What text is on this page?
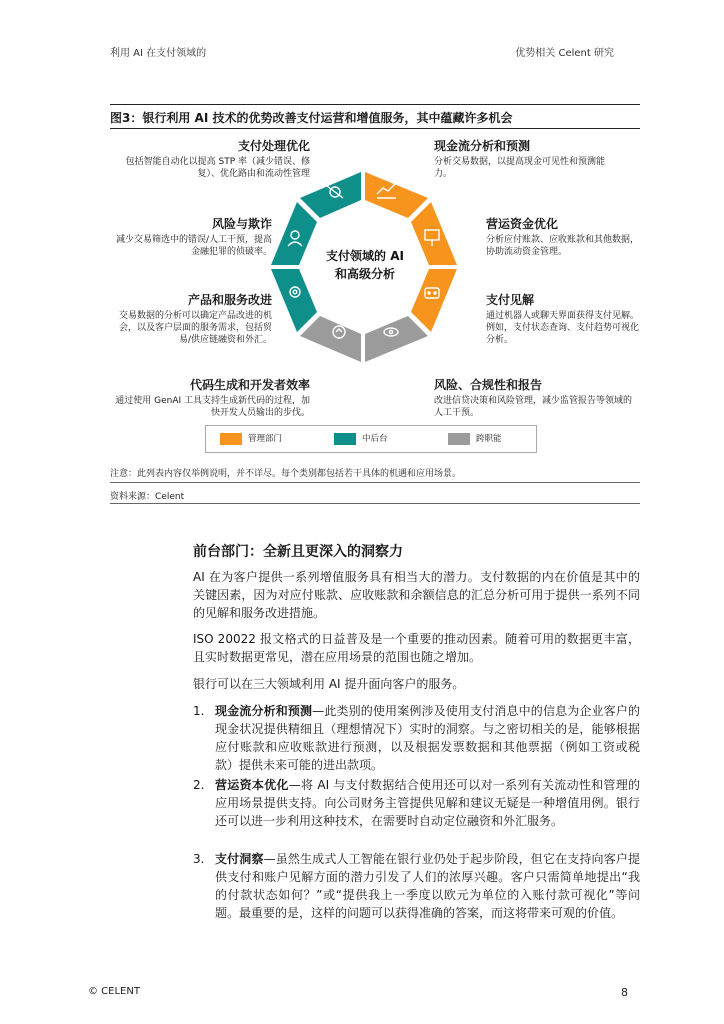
利用 AI 在支付领域的	优势相关 Celent 研究
图3：银行利用 AI 技术的优势改善支付运营和增值服务，其中蕴藏许多机会
支付处理优化
包括智能自动化以提高 STP 率（减少错误、修复）、优化路由和流动性管理
风险与欺诈
减少交易筛选中的错误/人工干预，提高金融犯罪的侦破率。
产品和服务改进
交易数据的分析可以确定产品改进的机会，以及客户层面的服务需求，包括贸易/供应链融资和外汇。
代码生成和开发者效率
通过使用 GenAI 工具支持生成新代码的过程，加快开发人员输出的步伐。
现金流分析和预测
分析交易数据，以提高现金可见性和预测能力。
营运资金优化
分析应付账款、应收账款和其他数据，协助流动资金管理。
支付见解
通过机器人或聊天界面获得支付见解。例如，支付状态查询、支付趋势可视化分析。
风险、合规性和报告
改进信贷决策和风险管理，减少监管报告等领域的人工干预。
支付领域的 AI
和高级分析
管理部门	中后台	跨职能
注意：此列表内容仅举例说明，并不详尽。每个类别都包括若干具体的机遇和应用场景。
资料来源：Celent
前台部门：全新且更深入的洞察力
AI 在为客户提供一系列增值服务具有相当大的潜力。支付数据的内在价值是其中的关键因素，因为对应付账款、应收账款和余额信息的汇总分析可用于提供一系列不同的见解和服务改进措施。
ISO 20022 报文格式的日益普及是一个重要的推动因素。随着可用的数据更丰富，且实时数据更常见，潜在应用场景的范围也随之增加。
银行可以在三大领域利用 AI 提升面向客户的服务。
1. 现金流分析和预测—此类别的使用案例涉及使用支付消息中的信息为企业客户的现金状况提供精细且（理想情况下）实时的洞察。与之密切相关的是，能够根据应付账款和应收账款进行预测，以及根据发票数据和其他票据（例如工资或税款）提供未来可能的进出款项。
2. 营运资本优化—将 AI 与支付数据结合使用还可以对一系列有关流动性和管理的应用场景提供支持。向公司财务主管提供见解和建议无疑是一种增值用例。银行还可以进一步利用这种技术，在需要时自动定位融资和外汇服务。
3. 支付洞察—虽然生成式人工智能在银行业仍处于起步阶段，但它在支持向客户提供支付和账户见解方面的潜力引发了人们的浓厚兴趣。客户只需简单地提出“我的付款状态如何？”或“提供我上一季度以欧元为单位的入账付款可视化”等问题。最重要的是，这样的问题可以获得准确的答案，而这将带来可观的价值。
© CELENT	8
